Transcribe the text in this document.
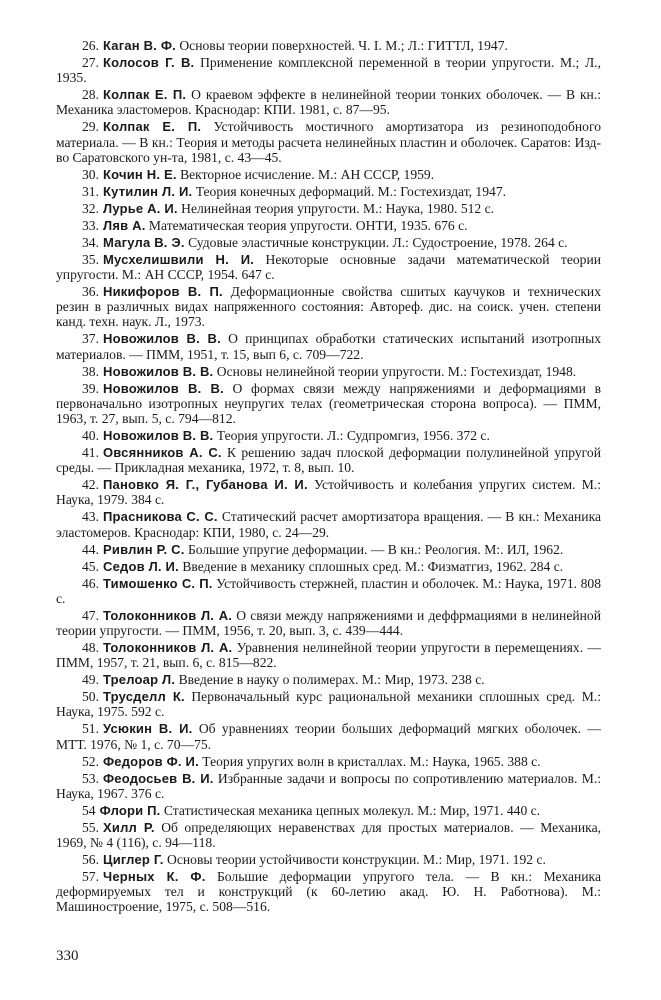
26. Каган В. Ф. Основы теории поверхностей. Ч. I. М.; Л.: ГИТТЛ, 1947.

27. Колосов Г. В. Применение комплексной переменной в теории упругости. М.; Л., 1935.

28. Колпак Е. П. О краевом эффекте в нелинейной теории тонких оболочек. — В кн.: Механика эластомеров. Краснодар: КПИ. 1981, с. 87—95.

29. Колпак Е. П. Устойчивость мостичного амортизатора из резиноподобного материала. — В кн.: Теория и методы расчета нелинейных пластин и оболочек. Саратов: Изд-во Саратовского ун-та, 1981, с. 43—45.

30. Кочин Н. Е. Векторное исчисление. М.: АН СССР, 1959.

31. Кутилин Л. И. Теория конечных деформаций. М.: Гостехиздат, 1947.

32. Лурье А. И. Нелинейная теория упругости. М.: Наука, 1980. 512 с.

33. Ляв А. Математическая теория упругости. ОНТИ, 1935. 676 с.

34. Магула В. Э. Судовые эластичные конструкции. Л.: Судостроение, 1978. 264 с.

35. Мусхелишвили Н. И. Некоторые основные задачи математической теории упругости. М.: АН СССР, 1954. 647 с.

36. Никифоров В. П. Деформационные свойства сшитых каучуков и технических резин в различных видах напряженного состояния: Автореф. дис. на соиск. учен. степени канд. техн. наук. Л., 1973.

37. Новожилов В. В. О принципах обработки статических испытаний изотропных материалов. — ПММ, 1951, т. 15, вып 6, с. 709—722.

38. Новожилов В. В. Основы нелинейной теории упругости. М.: Гостехиздат, 1948.

39. Новожилов В. В. О формах связи между напряжениями и деформациями в первоначально изотропных неупругих телах (геометрическая сторона вопроса). — ПММ, 1963, т. 27, вып. 5, с. 794—812.

40. Новожилов В. В. Теория упругости. Л.: Судпромгиз, 1956. 372 с.

41. Овсянников А. С. К решению задач плоской деформации полулинейной упругой среды. — Прикладная механика, 1972, т. 8, вып. 10.

42. Пановко Я. Г., Губанова И. И. Устойчивость и колебания упругих систем. М.: Наука, 1979. 384 с.

43. Прасникова С. С. Статический расчет амортизатора вращения. — В кн.: Механика эластомеров. Краснодар: КПИ, 1980, с. 24—29.

44. Ривлин Р. С. Большие упругие деформации. — В кн.: Реология. М:. ИЛ, 1962.

45. Седов Л. И. Введение в механику сплошных сред. М.: Физматгиз, 1962. 284 с.

46. Тимошенко С. П. Устойчивость стержней, пластин и оболочек. М.: Наука, 1971. 808 с.

47. Толоконников Л. А. О связи между напряжениями и деффрмациями в нелинейной теории упругости. — ПММ, 1956, т. 20, вып. 3, с. 439—444.

48. Толоконников Л. А. Уравнения нелинейной теории упругости в перемещениях. — ПММ, 1957, т. 21, вып. 6, с. 815—822.

49. Трелоар Л. Введение в науку о полимерах. М.: Мир, 1973. 238 с.

50. Трусделл К. Первоначальный курс рациональной механики сплошных сред. М.: Наука, 1975. 592 с.

51. Усюкин В. И. Об уравнениях теории больших деформаций мягких оболочек. — МТТ. 1976, № 1, с. 70—75.

52. Федоров Ф. И. Теория упругих волн в кристаллах. М.: Наука, 1965. 388 с.

53. Феодосьев В. И. Избранные задачи и вопросы по сопротивлению материалов. М.: Наука, 1967. 376 с.

54 Флори П. Статистическая механика цепных молекул. М.: Мир, 1971. 440 с.

55. Хилл Р. Об определяющих неравенствах для простых материалов. — Механика, 1969, № 4 (116), с. 94—118.

56. Циглер Г. Основы теории устойчивости конструкции. М.: Мир, 1971. 192 с.

57. Черных К. Ф. Большие деформации упругого тела. — В кн.: Механика деформируемых тел и конструкций (к 60-летию акад. Ю. Н. Работнова). М.: Машиностроение, 1975, с. 508—516.

330
